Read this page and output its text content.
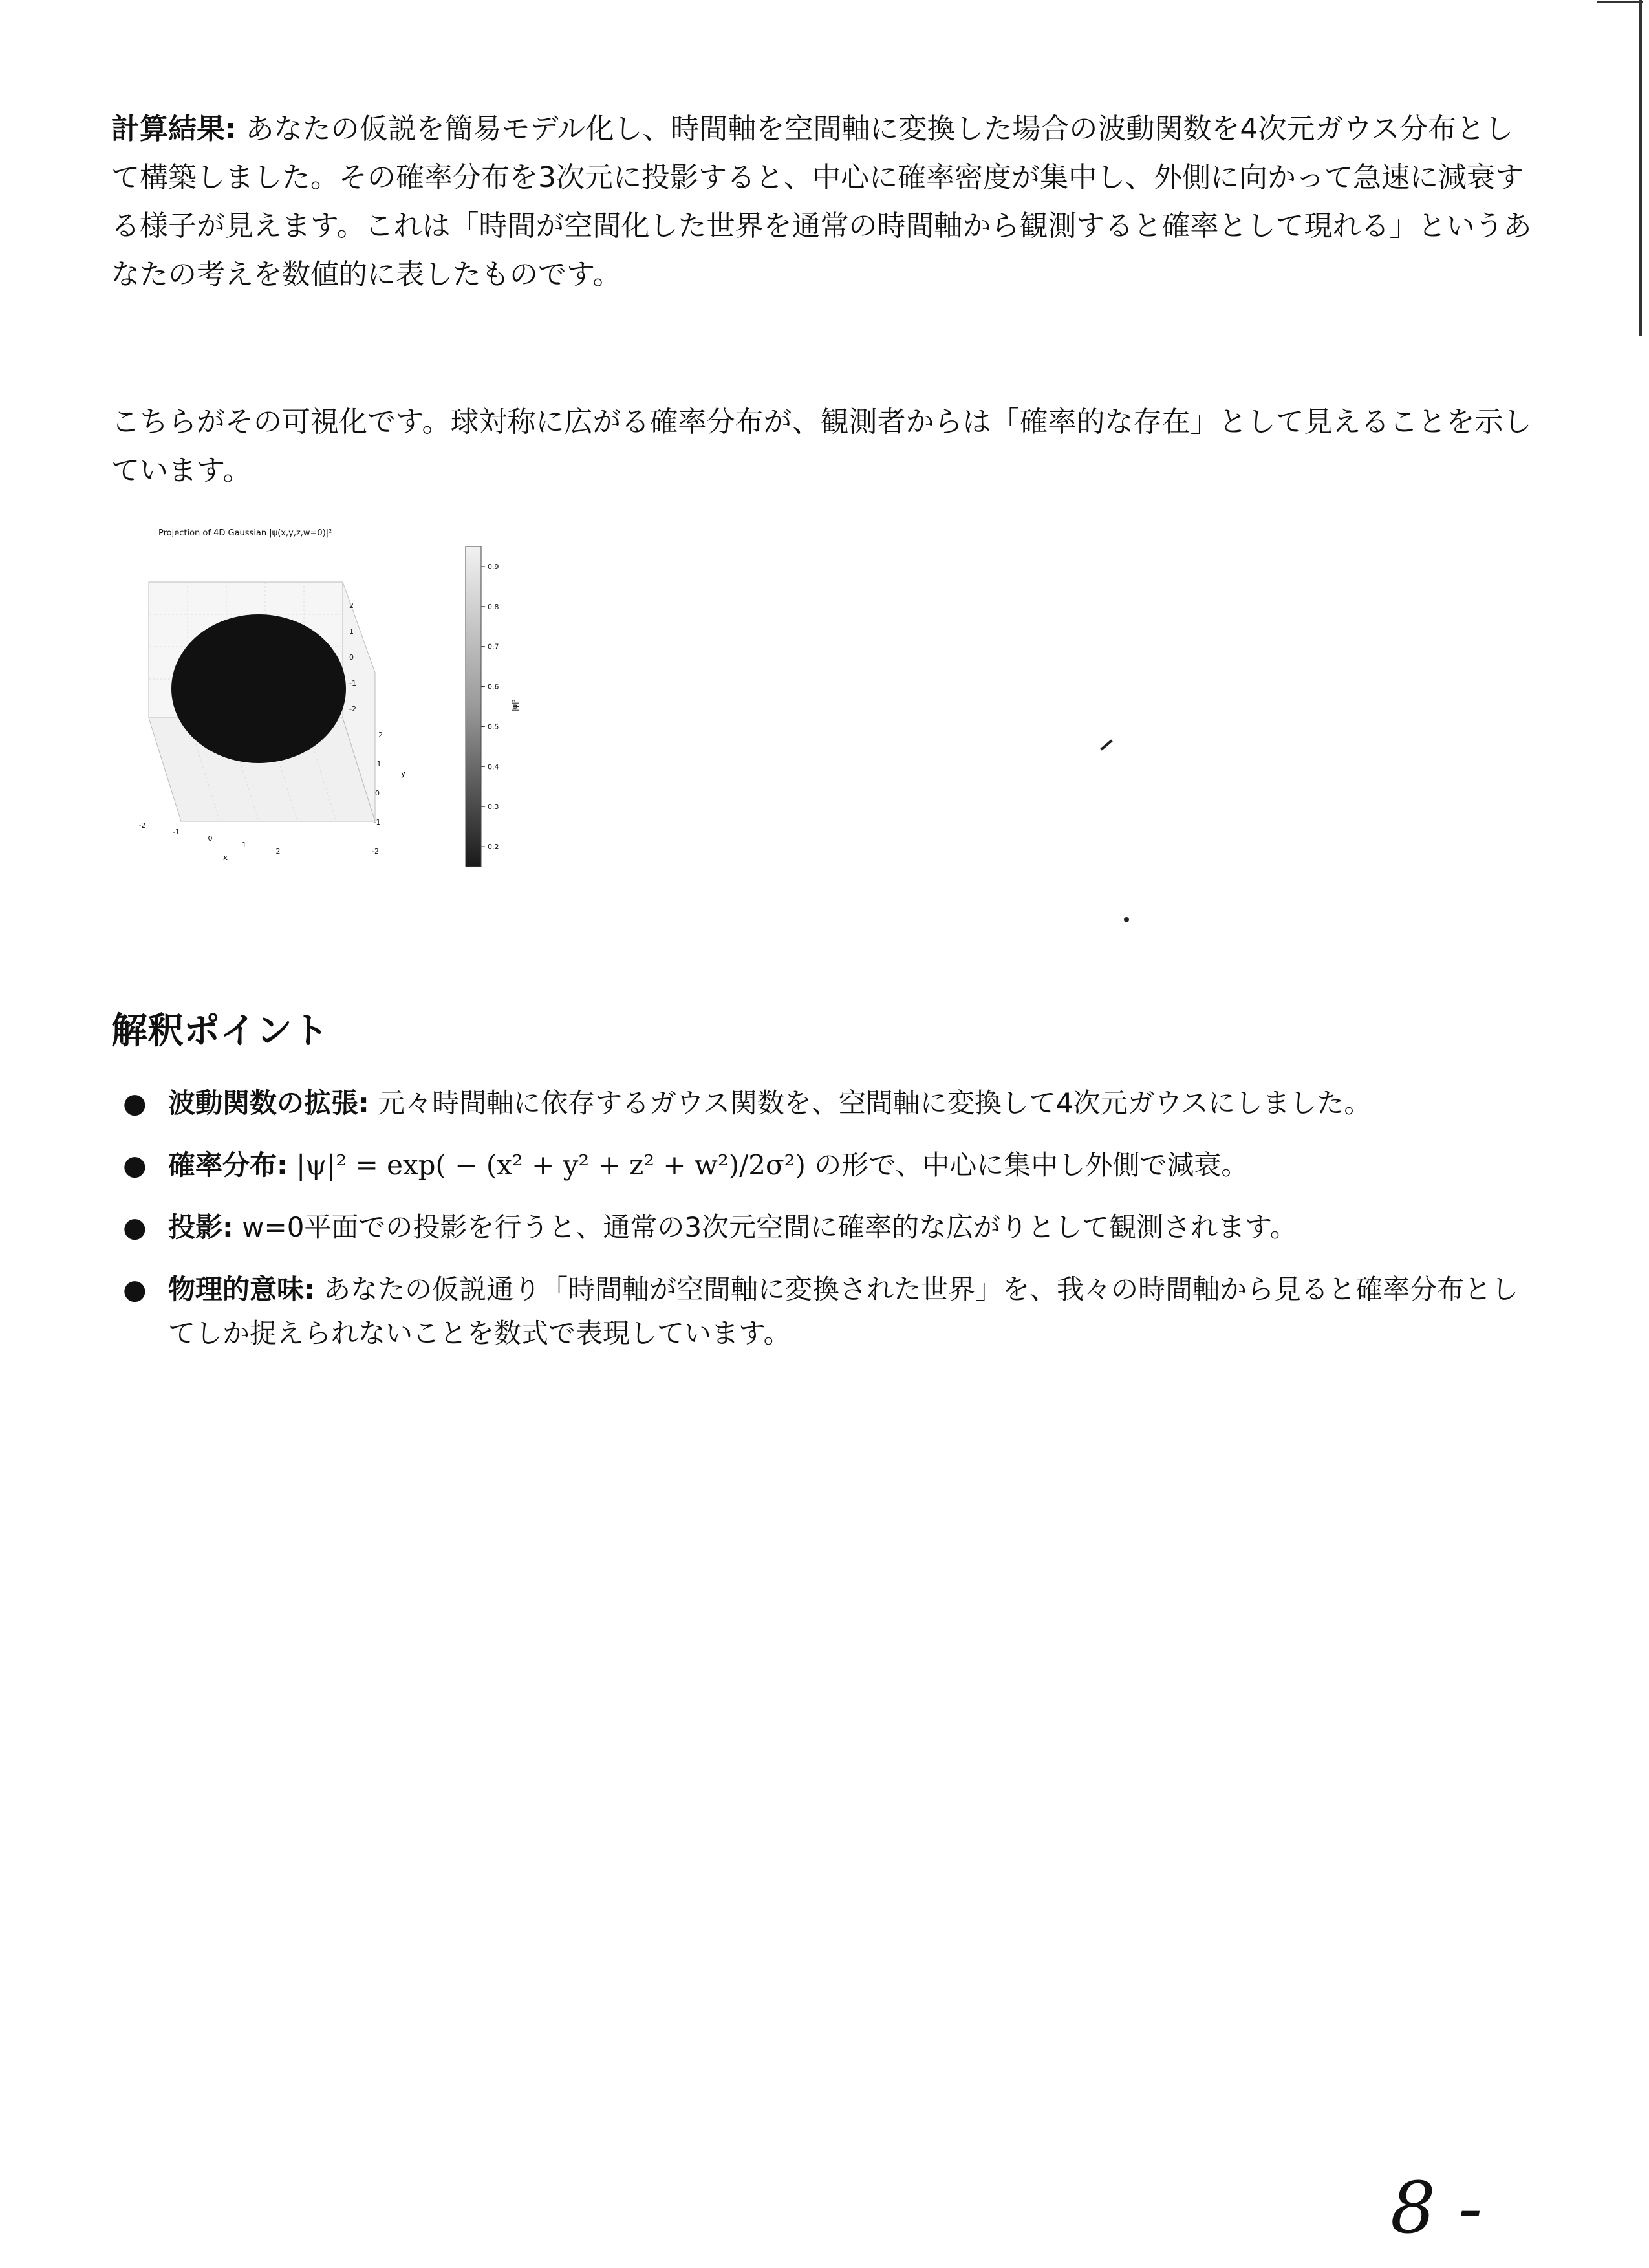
計算結果: あなたの仮説を簡易モデル化し、時間軸を空間軸に変換した場合の波動関数を4次元ガウス分布として構築しました。その確率分布を3次元に投影すると、中心に確率密度が集中し、外側に向かって急速に減衰する様子が見えます。これは「時間が空間化した世界を通常の時間軸から観測すると確率として現れる」というあなたの考えを数値的に表したものです。
こちらがその可視化です。球対称に広がる確率分布が、観測者からは「確率的な存在」として見えることを示しています。
Projection of 4D Gaussian |ψ(x,y,z,w=0)|²
-2
-1
0
1
2	-2
-1
0
1
2
-2
-1
0
1
2
x
y
0.9
0.8
0.7
0.6
0.5
0.4
0.3
0.2
|ψ|²
解釈ポイント
● 波動関数の拡張: 元々時間軸に依存するガウス関数を、空間軸に変換して4次元ガウスにしました。
● 確率分布: |ψ|² = exp( − (x² + y² + z² + w²)/2σ²) の形で、中心に集中し外側で減衰。
● 投影: w=0平面での投影を行うと、通常の3次元空間に確率的な広がりとして観測されます。
● 物理的意味: あなたの仮説通り「時間軸が空間軸に変換された世界」を、我々の時間軸から見ると確率分布としてしか捉えられないことを数式で表現しています。
8 -
